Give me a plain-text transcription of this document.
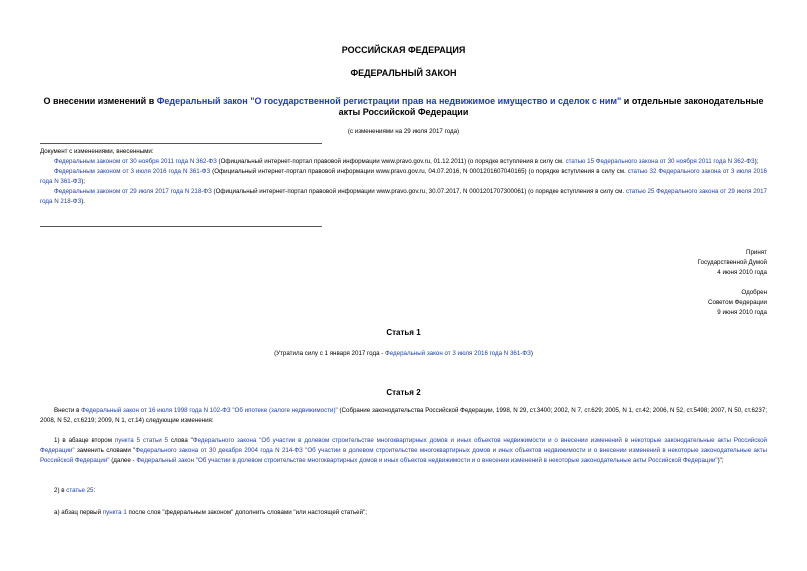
РОССИЙСКАЯ ФЕДЕРАЦИЯ
ФЕДЕРАЛЬНЫЙ ЗАКОН
О внесении изменений в Федеральный закон "О государственной регистрации прав на недвижимое имущество и сделок с ним" и отдельные законодательные акты Российской Федерации
(с изменениями на 29 июля 2017 года)

Документ с изменениями, внесенными:

Федеральным законом от 30 ноября 2011 года N 362-ФЗ (Официальный интернет-портал правовой информации www.pravo.gov.ru, 01.12.2011) (о порядке вступления в силу см. статью 15 Федерального закона от 30 ноября 2011 года N 362-ФЗ);

Федеральным законом от 3 июля 2016 года N 361-ФЗ (Официальный интернет-портал правовой информации www.pravo.gov.ru, 04.07.2016, N 0001201607040165) (о порядке вступления в силу см. статью 32 Федерального закона от 3 июля 2016 года N 361-ФЗ);

Федеральным законом от 29 июля 2017 года N 218-ФЗ (Официальный интернет-портал правовой информации www.pravo.gov.ru, 30.07.2017, N 0001201707300061) (о порядке вступления в силу см. статью 25 Федерального закона от 29 июля 2017 года N 218-ФЗ).

Принят
Государственной Думой
4 июня 2010 года
Одобрен
Советом Федерации
9 июня 2010 года
Статья 1
(Утратила силу с 1 января 2017 года - Федеральный закон от 3 июля 2016 года N 361-ФЗ)
Статья 2

Внести в Федеральный закон от 16 июля 1998 года N 102-ФЗ "Об ипотеке (залоге недвижимости)" (Собрание законодательства Российской Федерации, 1998, N 29, ст.3400; 2002, N 7, ст.629; 2005, N 1, ст.42; 2006, N 52, ст.5498; 2007, N 50, ст.6237; 2008, N 52, ст.6219; 2009, N 1, ст.14) следующие изменения:

1) в абзаце втором пункта 5 статьи 5 слова "Федерального закона "Об участии в долевом строительстве многоквартирных домов и иных объектов недвижимости и о внесении изменений в некоторые законодательные акты Российской Федерации" заменить словами "Федерального закона от 30 декабря 2004 года N 214-ФЗ "Об участии в долевом строительстве многоквартирных домов и иных объектов недвижимости и о внесении изменений в некоторые законодательные акты Российской Федерации" (далее - Федеральный закон "Об участии в долевом строительстве многоквартирных домов и иных объектов недвижимости и о внесении изменений в некоторые законодательные акты Российской Федерации")";

2) в статье 25:

а) абзац первый пункта 1 после слов "федеральным законом" дополнить словами "или настоящей статьей";
